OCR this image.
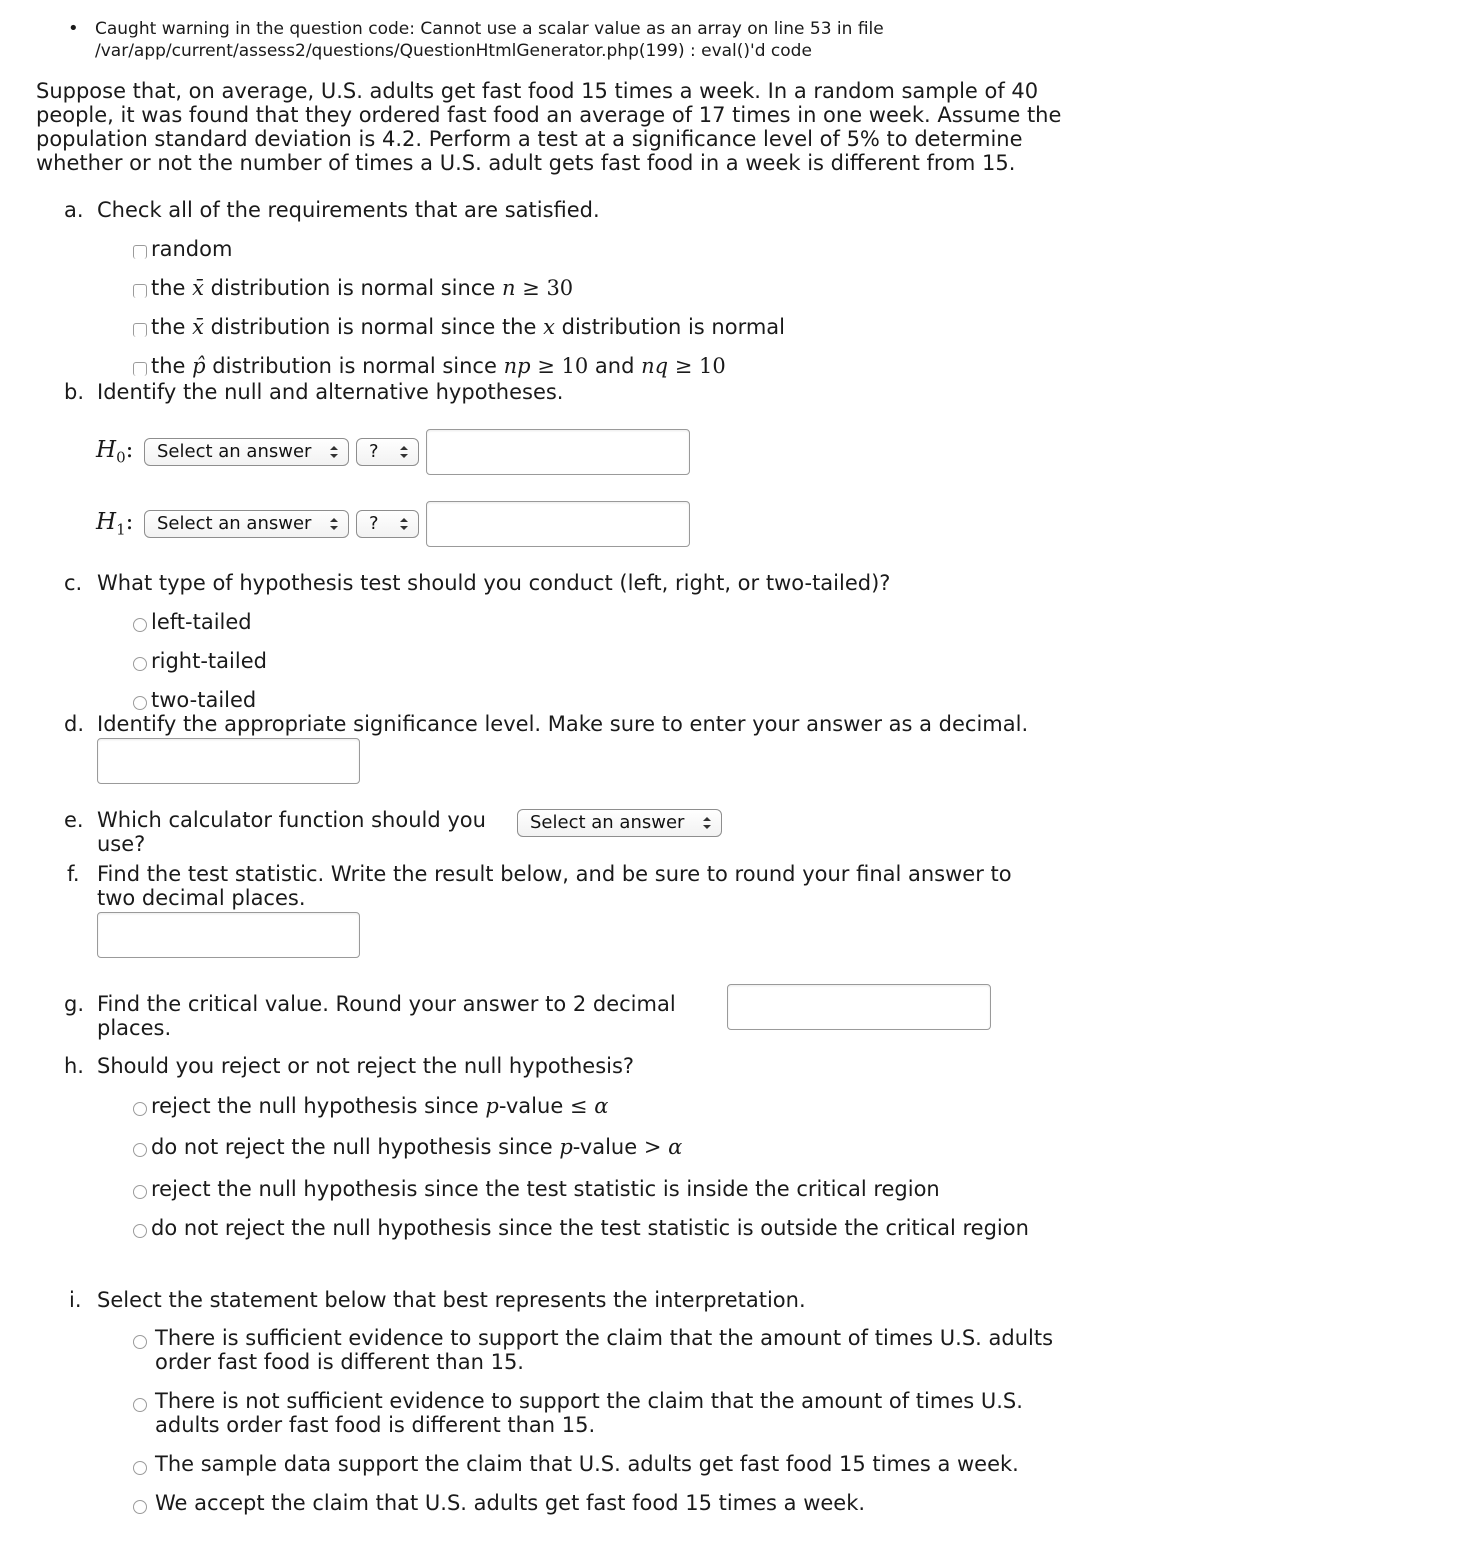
• Caught warning in the question code: Cannot use a scalar value as an array on line 53 in file /var/app/current/assess2/questions/QuestionHtmlGenerator.php(199) : eval()'d code
Suppose that, on average, U.S. adults get fast food 15 times a week. In a random sample of 40 people, it was found that they ordered fast food an average of 17 times in one week. Assume the population standard deviation is 4.2. Perform a test at a significance level of 5% to determine whether or not the number of times a U.S. adult gets fast food in a week is different from 15.
a. Check all of the requirements that are satisfied.
random
the x̄ distribution is normal since n ≥ 30
the x̄ distribution is normal since the x distribution is normal
the p̂ distribution is normal since np ≥ 10 and nq ≥ 10
b. Identify the null and alternative hypotheses.
$H_0$:	Select an answer	?
$H_1$:	Select an answer	?
c. What type of hypothesis test should you conduct (left, right, or two-tailed)?
left-tailed
right-tailed
two-tailed
d. Identify the appropriate significance level. Make sure to enter your answer as a decimal.
e. Which calculator function should you use?
Select an answer
f. Find the test statistic. Write the result below, and be sure to round your final answer to two decimal places.
g. Find the critical value. Round your answer to 2 decimal places.
h. Should you reject or not reject the null hypothesis?
reject the null hypothesis since p-value ≤ α
do not reject the null hypothesis since p-value > α
reject the null hypothesis since the test statistic is inside the critical region
do not reject the null hypothesis since the test statistic is outside the critical region
i. Select the statement below that best represents the interpretation.
There is sufficient evidence to support the claim that the amount of times U.S. adults order fast food is different than 15.
There is not sufficient evidence to support the claim that the amount of times U.S. adults order fast food is different than 15.
The sample data support the claim that U.S. adults get fast food 15 times a week.
We accept the claim that U.S. adults get fast food 15 times a week.
